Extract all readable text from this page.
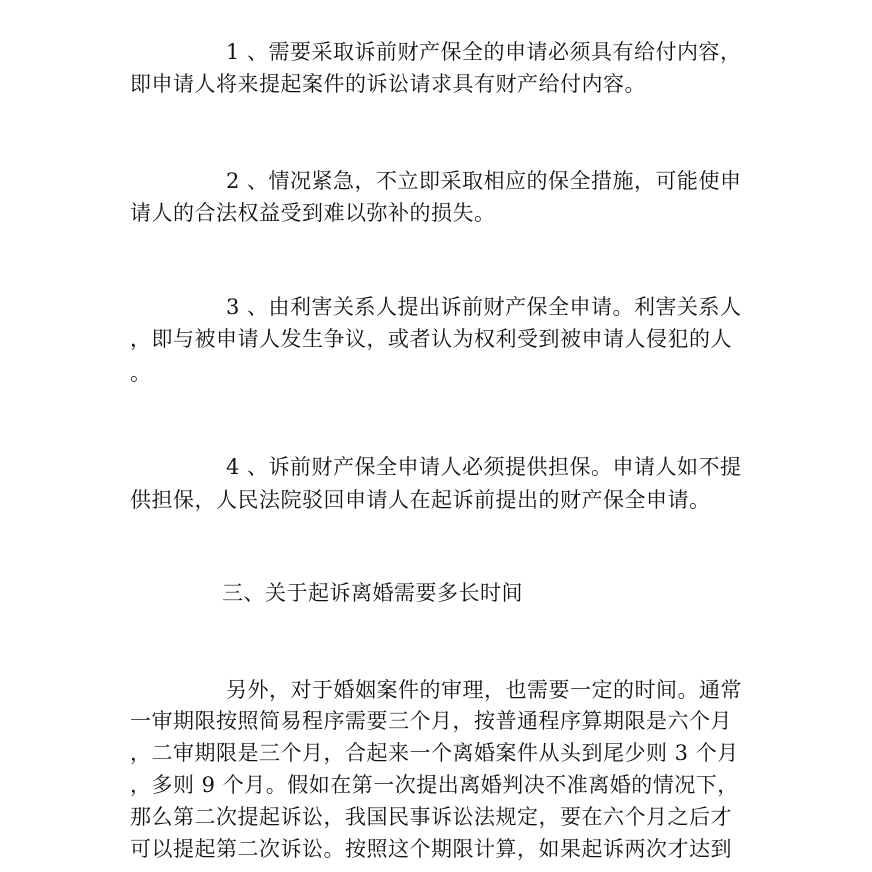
1 、需要采取诉前财产保全的申请必须具有给付内容，
即申请人将来提起案件的诉讼请求具有财产给付内容。
2 、情况紧急，不立即采取相应的保全措施，可能使申
请人的合法权益受到难以弥补的损失。
3 、由利害关系人提出诉前财产保全申请。利害关系人
，即与被申请人发生争议，或者认为权利受到被申请人侵犯的人
。
4 、诉前财产保全申请人必须提供担保。申请人如不提
供担保，人民法院驳回申请人在起诉前提出的财产保全申请。
三、关于起诉离婚需要多长时间
另外，对于婚姻案件的审理，也需要一定的时间。通常
一审期限按照简易程序需要三个月，按普通程序算期限是六个月
，二审期限是三个月，合起来一个离婚案件从头到尾少则 3 个月
，多则 9 个月。假如在第一次提出离婚判决不准离婚的情况下，
那么第二次提起诉讼，我国民事诉讼法规定，要在六个月之后才
可以提起第二次诉讼。按照这个期限计算，如果起诉两次才达到
